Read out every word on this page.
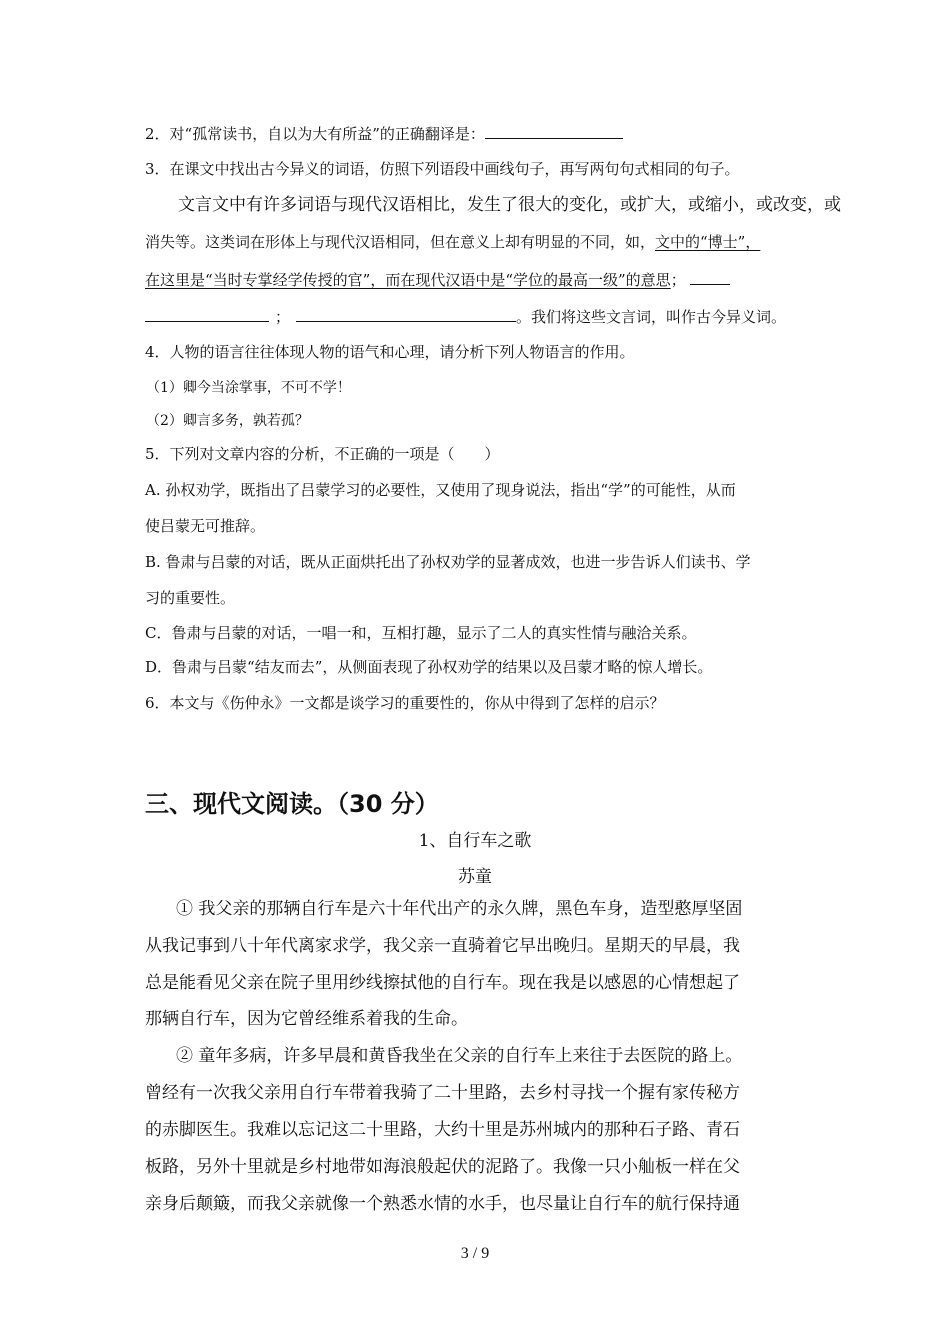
2．对“孤常读书，自以为大有所益”的正确翻译是：
3．在课文中找出古今异义的词语，仿照下列语段中画线句子，再写两句句式相同的句子。
文言文中有许多词语与现代汉语相比，发生了很大的变化，或扩大，或缩小，或改变，或
消失等。这类词在形体上与现代汉语相同，但在意义上却有明显的不同，如，文中的“博士”，
在这里是“当时专掌经学传授的官”，而在现代汉语中是“学位的最高一级”的意思；
；	。我们将这些文言词，叫作古今异义词。
4．人物的语言往往体现人物的语气和心理，请分析下列人物语言的作用。
（1）卿今当涂掌事，不可不学！
（2）卿言多务，孰若孤？
5．下列对文章内容的分析，不正确的一项是（　　）
A. 孙权劝学，既指出了吕蒙学习的必要性，又使用了现身说法，指出“学”的可能性，从而
使吕蒙无可推辞。
B. 鲁肃与吕蒙的对话，既从正面烘托出了孙权劝学的显著成效，也进一步告诉人们读书、学
习的重要性。
C．鲁肃与吕蒙的对话，一唱一和，互相打趣，显示了二人的真实性情与融洽关系。
D．鲁肃与吕蒙“结友而去”，从侧面表现了孙权劝学的结果以及吕蒙才略的惊人增长。
6．本文与《伤仲永》一文都是谈学习的重要性的，你从中得到了怎样的启示？
三、现代文阅读。（30 分）
1、自行车之歌
苏童
① 我父亲的那辆自行车是六十年代出产的永久牌，黑色车身，造型憨厚坚固
从我记事到八十年代离家求学，我父亲一直骑着它早出晚归。星期天的早晨，我
总是能看见父亲在院子里用纱线擦拭他的自行车。现在我是以感恩的心情想起了
那辆自行车，因为它曾经维系着我的生命。
② 童年多病，许多早晨和黄昏我坐在父亲的自行车上来往于去医院的路上。
曾经有一次我父亲用自行车带着我骑了二十里路，去乡村寻找一个握有家传秘方
的赤脚医生。我难以忘记这二十里路，大约十里是苏州城内的那种石子路、青石
板路，另外十里就是乡村地带如海浪般起伏的泥路了。我像一只小舢板一样在父
亲身后颠簸，而我父亲就像一个熟悉水情的水手，也尽量让自行车的航行保持通
3 / 9
